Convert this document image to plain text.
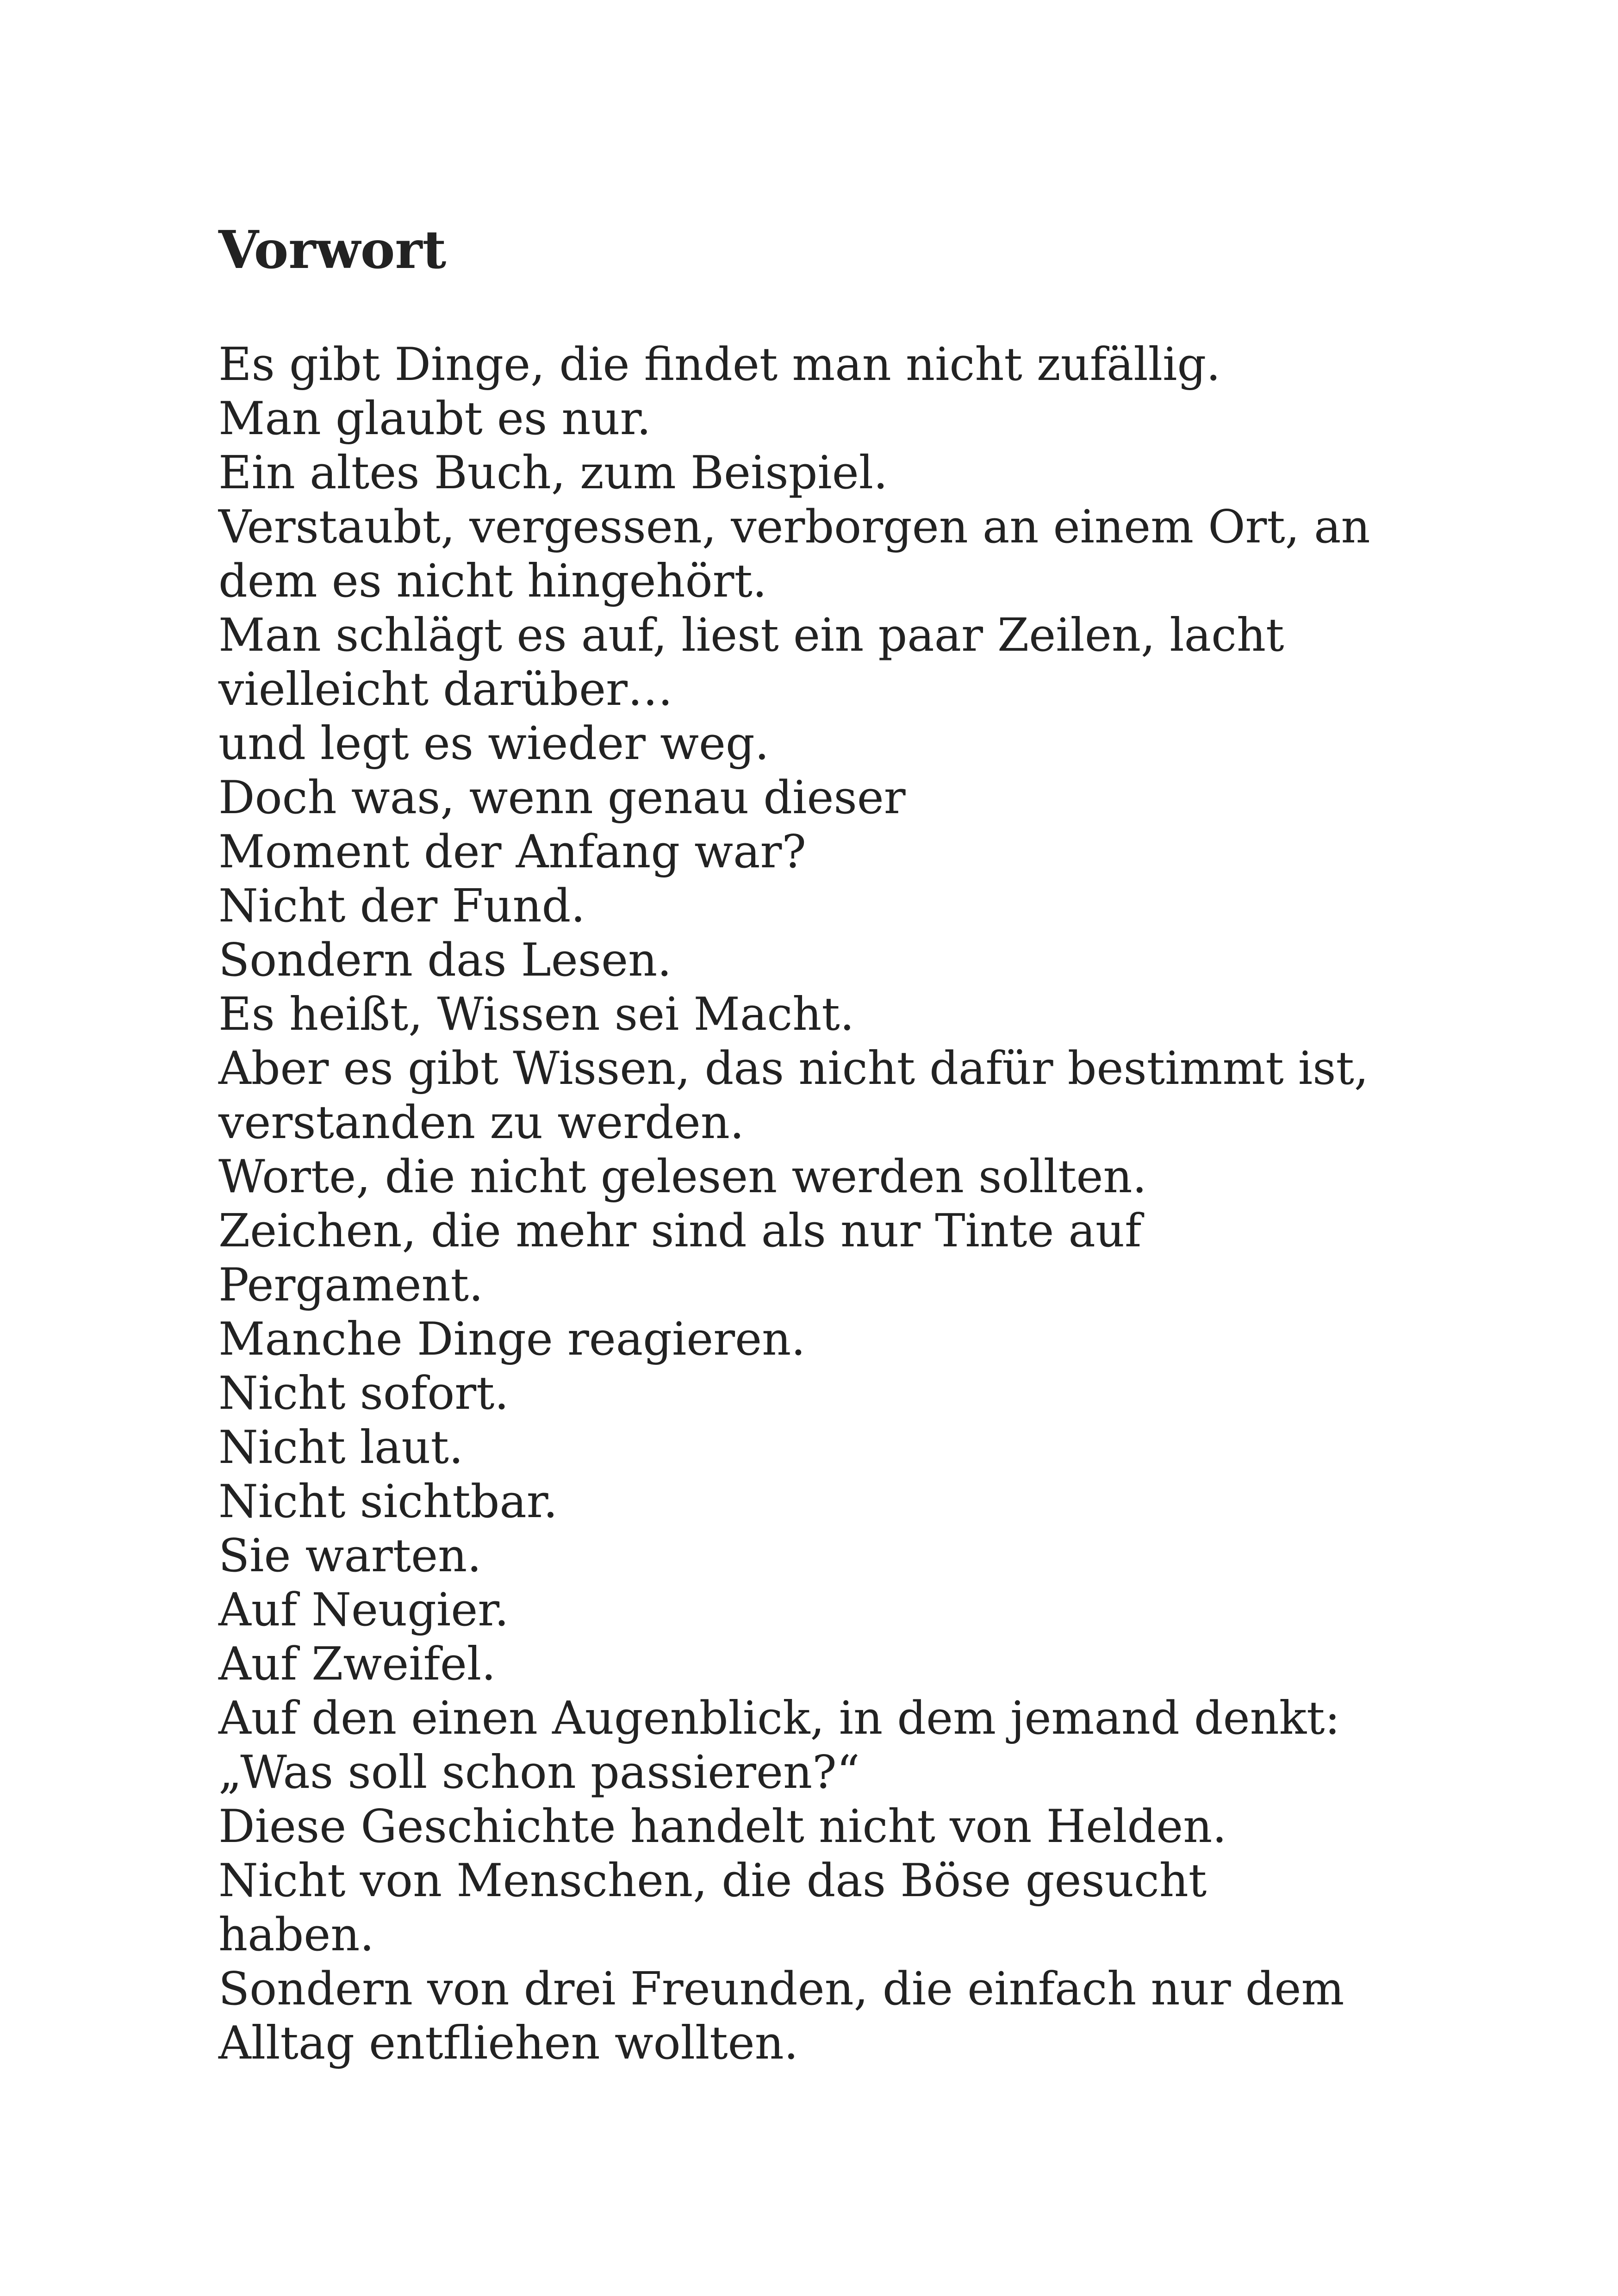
Vorwort
Es gibt Dinge, die findet man nicht zufällig.
Man glaubt es nur.
Ein altes Buch, zum Beispiel.
Verstaubt, vergessen, verborgen an einem Ort, an
dem es nicht hingehört.
Man schlägt es auf, liest ein paar Zeilen, lacht
vielleicht darüber…
und legt es wieder weg.
Doch was, wenn genau dieser
Moment der Anfang war?
Nicht der Fund.
Sondern das Lesen.
Es heißt, Wissen sei Macht.
Aber es gibt Wissen, das nicht dafür bestimmt ist,
verstanden zu werden.
Worte, die nicht gelesen werden sollten.
Zeichen, die mehr sind als nur Tinte auf
Pergament.
Manche Dinge reagieren.
Nicht sofort.
Nicht laut.
Nicht sichtbar.
Sie warten.
Auf Neugier.
Auf Zweifel.
Auf den einen Augenblick, in dem jemand denkt:
„Was soll schon passieren?“
Diese Geschichte handelt nicht von Helden.
Nicht von Menschen, die das Böse gesucht
haben.
Sondern von drei Freunden, die einfach nur dem
Alltag entfliehen wollten.
